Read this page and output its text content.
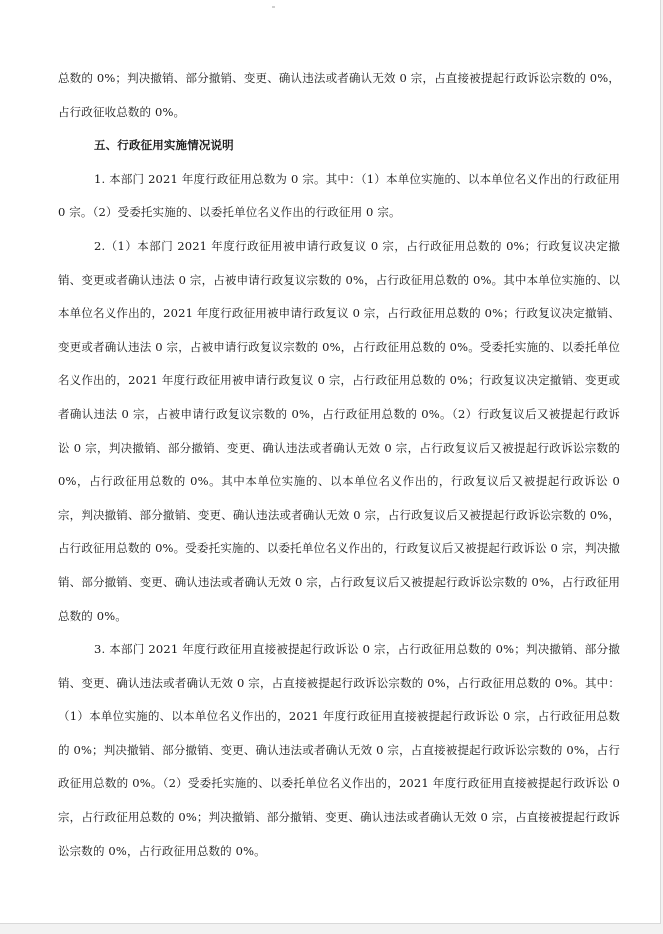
总数的 0%；判决撤销、部分撤销、变更、确认违法或者确认无效 0 宗，占直接被提起行政诉讼宗数的 0%，占行政征收总数的 0%。

五、行政征用实施情况说明

1. 本部门 2021 年度行政征用总数为 0 宗。其中：（1）本单位实施的、以本单位名义作出的行政征用 0 宗。（2）受委托实施的、以委托单位名义作出的行政征用 0 宗。

2.（1）本部门 2021 年度行政征用被申请行政复议 0 宗，占行政征用总数的 0%；行政复议决定撤销、变更或者确认违法 0 宗，占被申请行政复议宗数的 0%，占行政征用总数的 0%。其中本单位实施的、以本单位名义作出的，2021 年度行政征用被申请行政复议 0 宗，占行政征用总数的 0%；行政复议决定撤销、变更或者确认违法 0 宗，占被申请行政复议宗数的 0%，占行政征用总数的 0%。受委托实施的、以委托单位名义作出的，2021 年度行政征用被申请行政复议 0 宗，占行政征用总数的 0%；行政复议决定撤销、变更或者确认违法 0 宗，占被申请行政复议宗数的 0%，占行政征用总数的 0%。（2）行政复议后又被提起行政诉讼 0 宗，判决撤销、部分撤销、变更、确认违法或者确认无效 0 宗，占行政复议后又被提起行政诉讼宗数的 0%，占行政征用总数的 0%。其中本单位实施的、以本单位名义作出的，行政复议后又被提起行政诉讼 0 宗，判决撤销、部分撤销、变更、确认违法或者确认无效 0 宗，占行政复议后又被提起行政诉讼宗数的 0%，占行政征用总数的 0%。受委托实施的、以委托单位名义作出的，行政复议后又被提起行政诉讼 0 宗，判决撤销、部分撤销、变更、确认违法或者确认无效 0 宗，占行政复议后又被提起行政诉讼宗数的 0%，占行政征用总数的 0%。

3. 本部门 2021 年度行政征用直接被提起行政诉讼 0 宗，占行政征用总数的 0%；判决撤销、部分撤销、变更、确认违法或者确认无效 0 宗，占直接被提起行政诉讼宗数的 0%，占行政征用总数的 0%。其中：（1）本单位实施的、以本单位名义作出的，2021 年度行政征用直接被提起行政诉讼 0 宗，占行政征用总数的 0%；判决撤销、部分撤销、变更、确认违法或者确认无效 0 宗，占直接被提起行政诉讼宗数的 0%，占行政征用总数的 0%。（2）受委托实施的、以委托单位名义作出的，2021 年度行政征用直接被提起行政诉讼 0 宗，占行政征用总数的 0%；判决撤销、部分撤销、变更、确认违法或者确认无效 0 宗，占直接被提起行政诉讼宗数的 0%，占行政征用总数的 0%。
